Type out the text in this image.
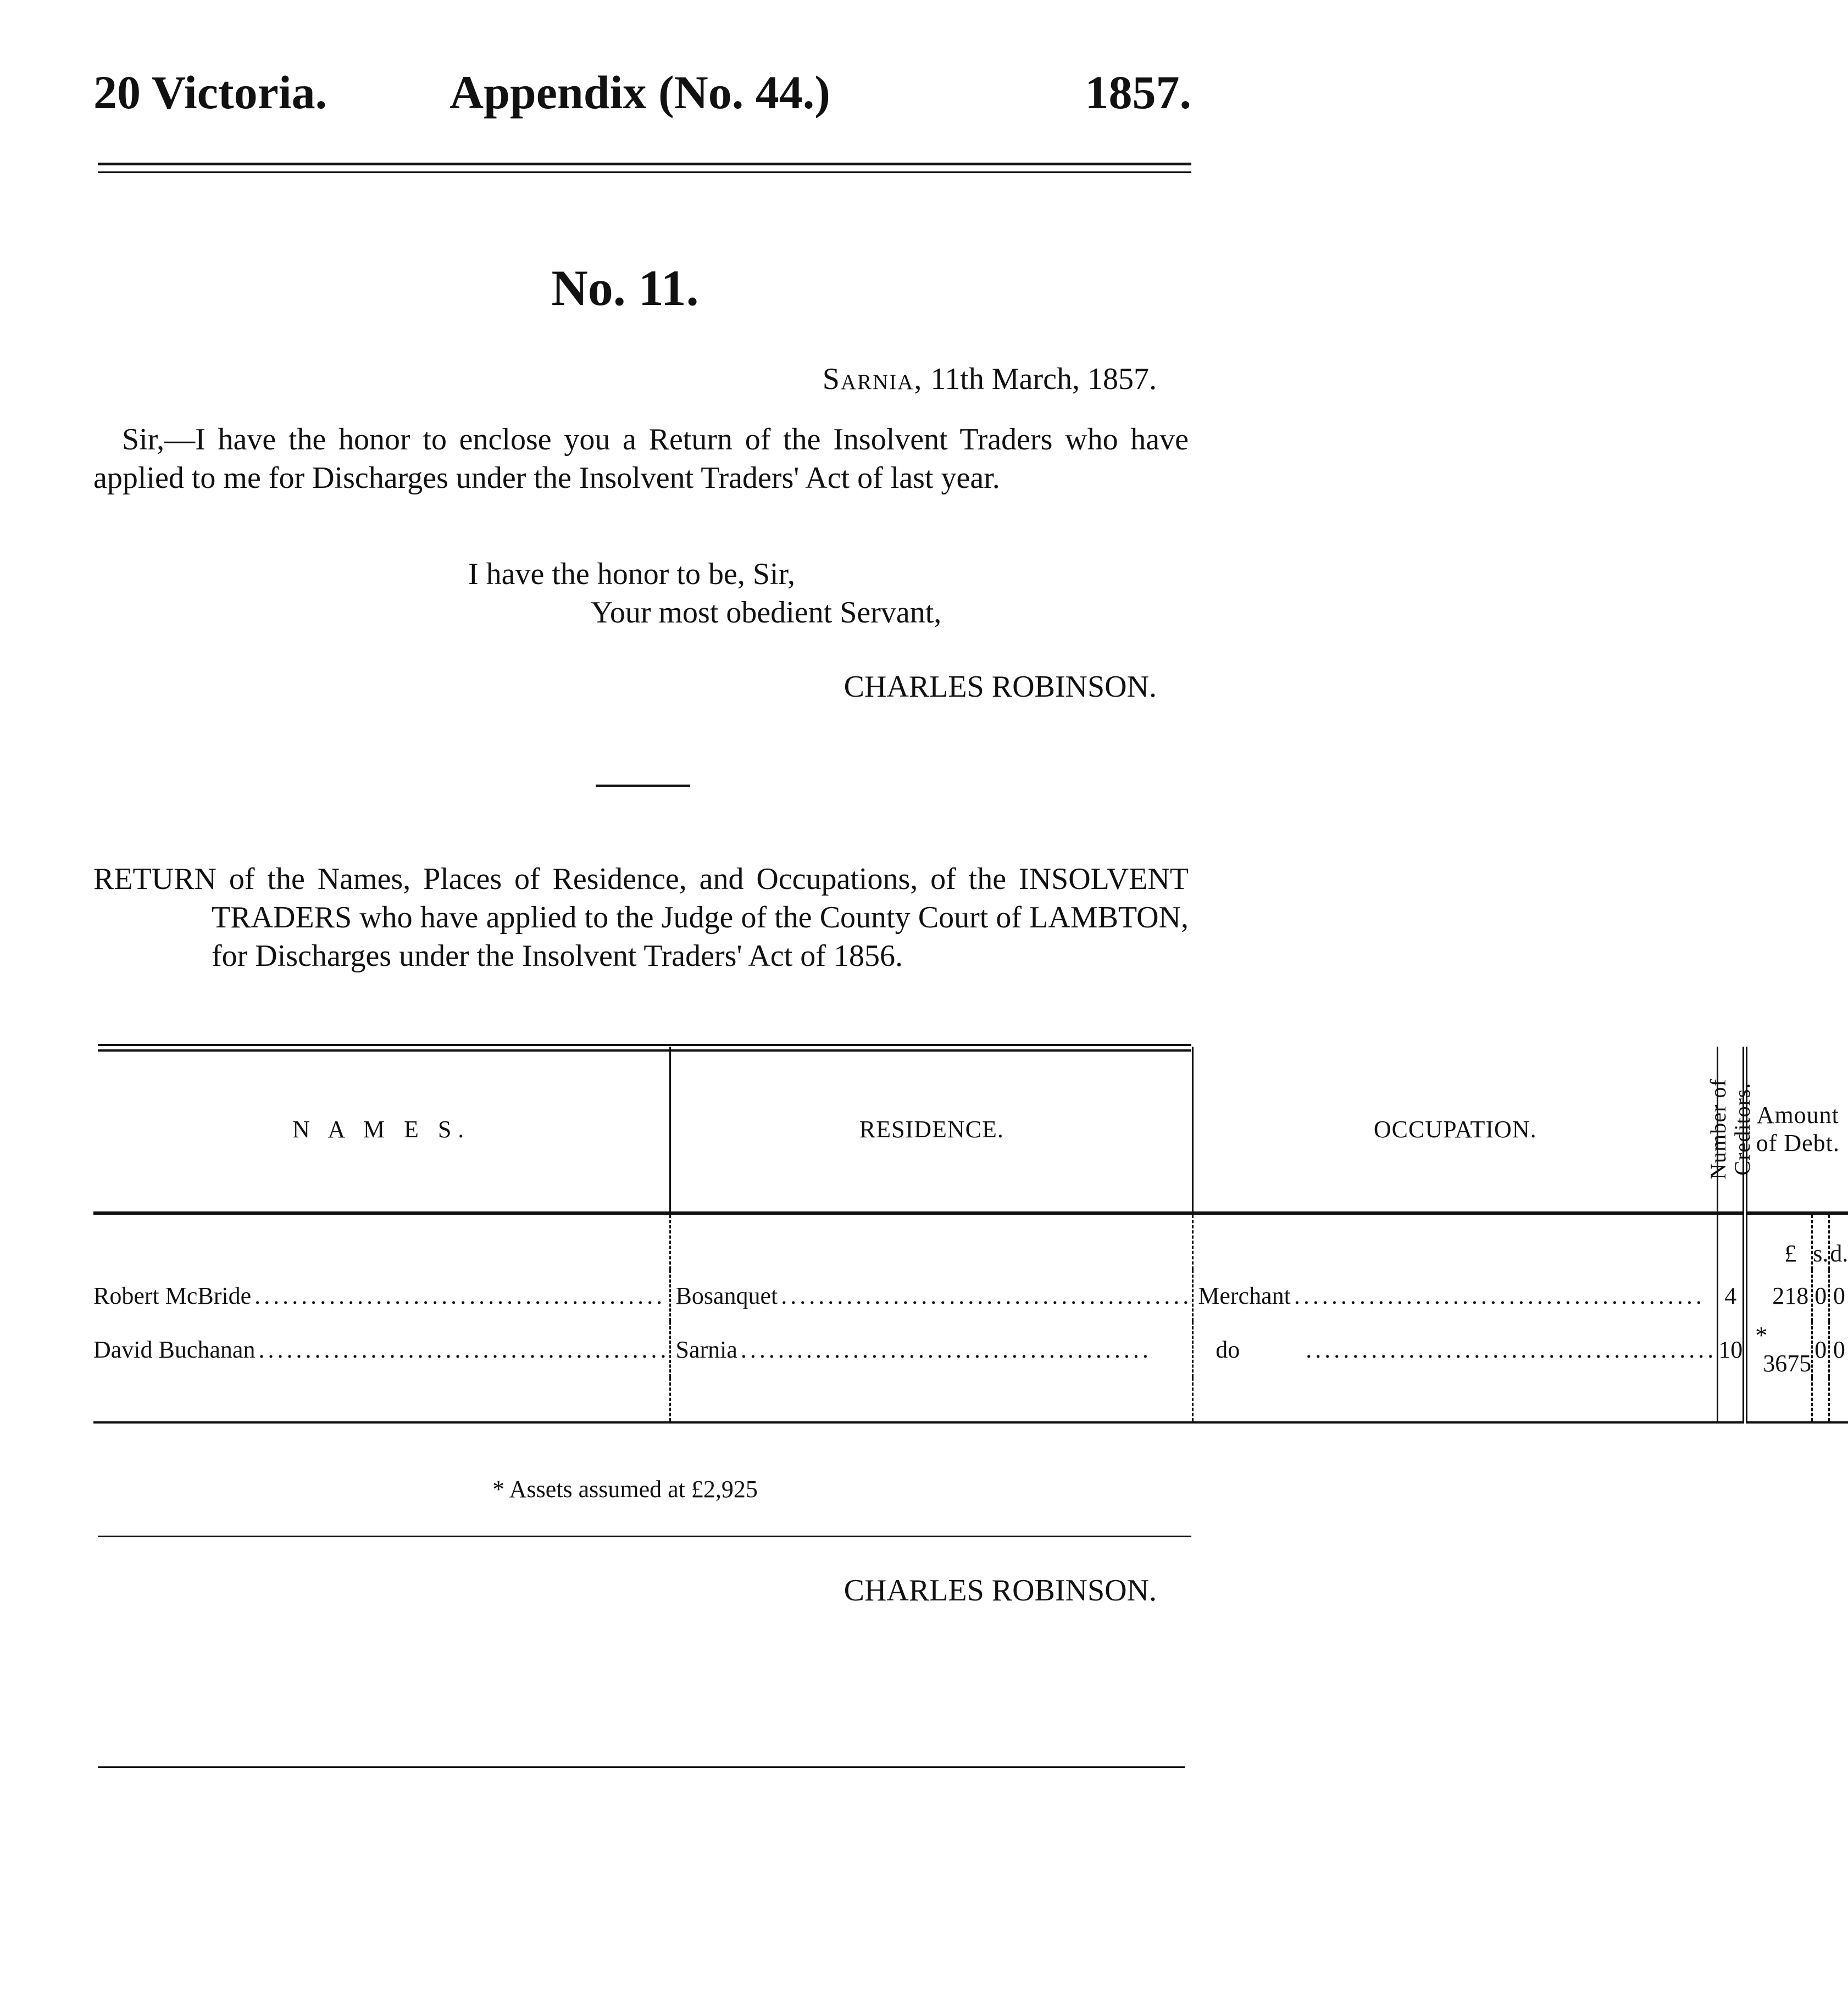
20 Victoria.	Appendix (No. 44.)	1857.
No. 11.
Sarnia, 11th March, 1857.
Sir,—I have the honor to enclose you a Return of the Insolvent Traders who have applied to me for Discharges under the Insolvent Traders' Act of last year.
I have the honor to be, Sir,
Your most obedient Servant,
CHARLES ROBINSON.
RETURN of the Names, Places of Residence, and Occupations, of the INSOLVENT TRADERS who have applied to the Judge of the County Court of LAMBTON, for Discharges under the Insolvent Traders' Act of 1856.
N A M E S.	RESIDENCE.	OCCUPATION.	Number of Creditors.	Amount of Debt.		

				£	s.	d.

Robert McBride ............................................	Bosanquet ............................................	Merchant ............................................	4	218	0	0

David Buchanan ............................................	Sarnia ............................................	do ............................................	10	* 3675	0	0

* Assets assumed at £2,925
CHARLES ROBINSON.
